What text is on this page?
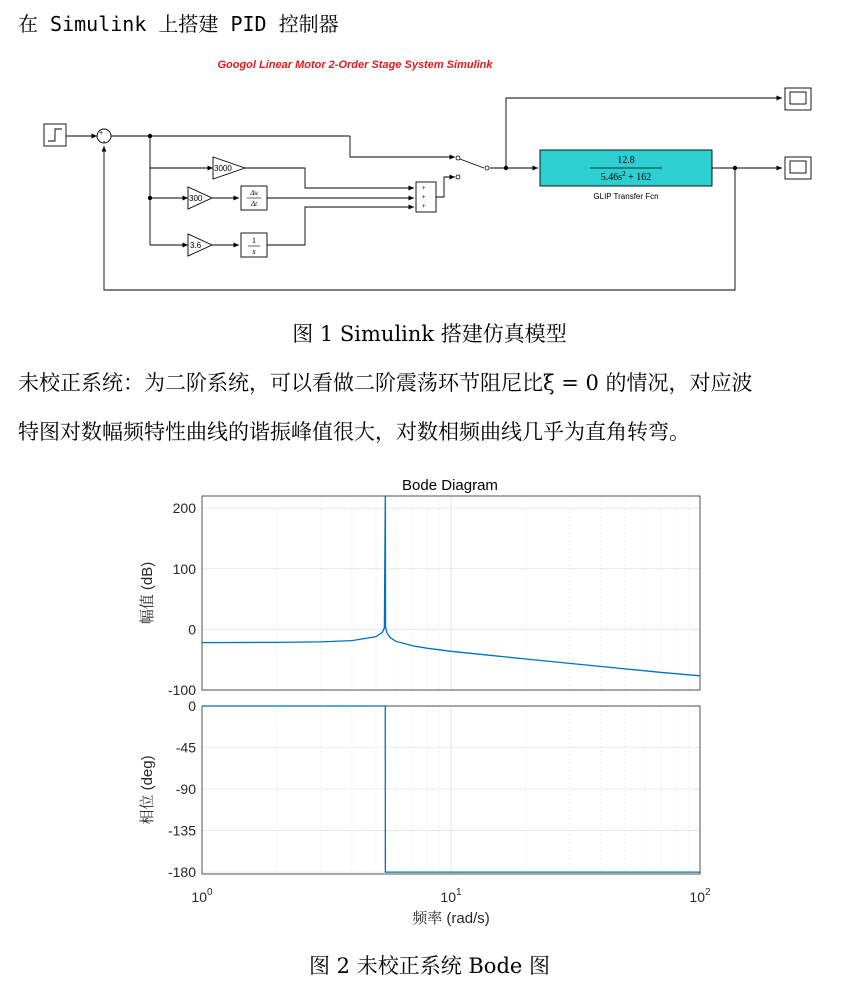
在 Simulink 上搭建 PID 控制器
Googol Linear Motor 2-Order Stage System Simulink
+
-
3000
300
3.6
Δu
Δt
1
s
+
+
+
12.8
$5.46s^2 + 162$
GLIP Transfer Fcn
图 1 Simulink 搭建仿真模型
未校正系统：为二阶系统，可以看做二阶震荡环节阻尼比ξ = 0 的情况，对应波
特图对数幅频特性曲线的谐振峰值很大，对数相频曲线几乎为直角转弯。
Bode Diagram
200
100
0
-100
0
-45
-90
-135
-180
$10^0$	$10^1$	$10^2$
幅值 (dB)
相位 (deg)
频率 (rad/s)
图 2 未校正系统 Bode 图
